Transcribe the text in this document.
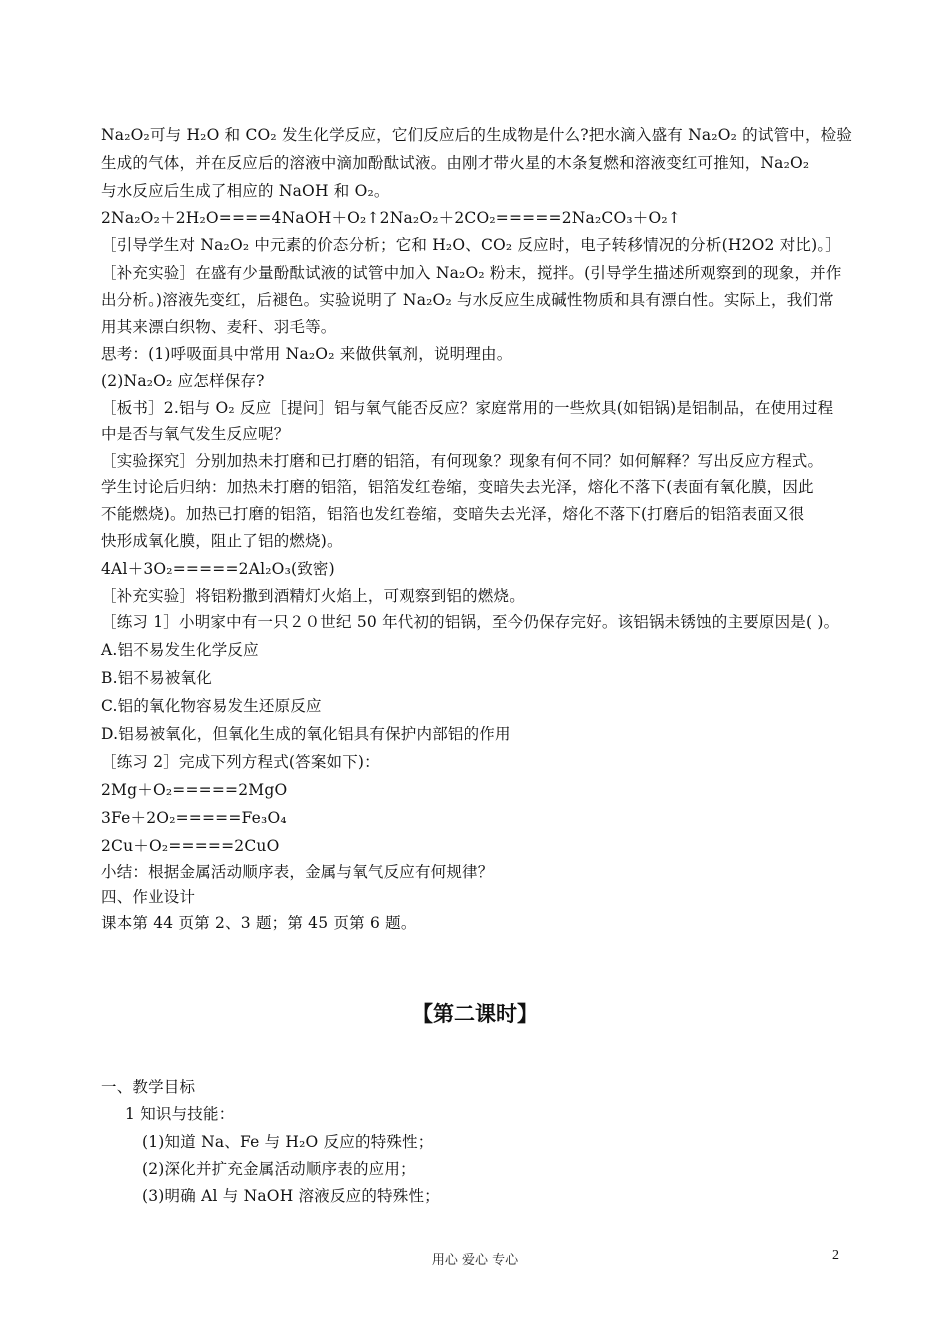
Na₂O₂可与 H₂O 和 CO₂ 发生化学反应，它们反应后的生成物是什么?把水滴入盛有 Na₂O₂ 的试管中，检验
生成的气体，并在反应后的溶液中滴加酚酞试液。由刚才带火星的木条复燃和溶液变红可推知，Na₂O₂
与水反应后生成了相应的 NaOH 和 O₂。
2Na₂O₂＋2H₂O====4NaOH＋O₂↑2Na₂O₂＋2CO₂=====2Na₂CO₃＋O₂↑
［引导学生对 Na₂O₂ 中元素的价态分析；它和 H₂O、CO₂ 反应时，电子转移情况的分析(H2O2 对比)。］
［补充实验］在盛有少量酚酞试液的试管中加入 Na₂O₂ 粉末，搅拌。(引导学生描述所观察到的现象，并作
出分析。)溶液先变红，后褪色。实验说明了 Na₂O₂ 与水反应生成碱性物质和具有漂白性。实际上，我们常
用其来漂白织物、麦秆、羽毛等。
思考：(1)呼吸面具中常用 Na₂O₂ 来做供氧剂，说明理由。
(2)Na₂O₂ 应怎样保存?
［板书］2.铝与 O₂ 反应［提问］铝与氧气能否反应？家庭常用的一些炊具(如铝锅)是铝制品，在使用过程
中是否与氧气发生反应呢？
［实验探究］分别加热未打磨和已打磨的铝箔，有何现象？现象有何不同？如何解释？写出反应方程式。
学生讨论后归纳：加热未打磨的铝箔，铝箔发红卷缩，变暗失去光泽，熔化不落下(表面有氧化膜，因此
不能燃烧)。加热已打磨的铝箔，铝箔也发红卷缩，变暗失去光泽，熔化不落下(打磨后的铝箔表面又很
快形成氧化膜，阻止了铝的燃烧)。
4Al＋3O₂=====2Al₂O₃(致密)
［补充实验］将铝粉撒到酒精灯火焰上，可观察到铝的燃烧。
［练习 1］小明家中有一只２０世纪 50 年代初的铝锅，至今仍保存完好。该铝锅未锈蚀的主要原因是( )。
A.铝不易发生化学反应
B.铝不易被氧化
C.铝的氧化物容易发生还原反应
D.铝易被氧化，但氧化生成的氧化铝具有保护内部铝的作用
［练习 2］完成下列方程式(答案如下)：
2Mg＋O₂=====2MgO
3Fe＋2O₂=====Fe₃O₄
2Cu＋O₂=====2CuO
小结：根据金属活动顺序表，金属与氧气反应有何规律？
四、作业设计
课本第 44 页第 2、3 题；第 45 页第 6 题。
【第二课时】
一、教学目标
1 知识与技能：
(1)知道 Na、Fe 与 H₂O 反应的特殊性；
(2)深化并扩充金属活动顺序表的应用；
(3)明确 Al 与 NaOH 溶液反应的特殊性；
用心 爱心 专心	2
